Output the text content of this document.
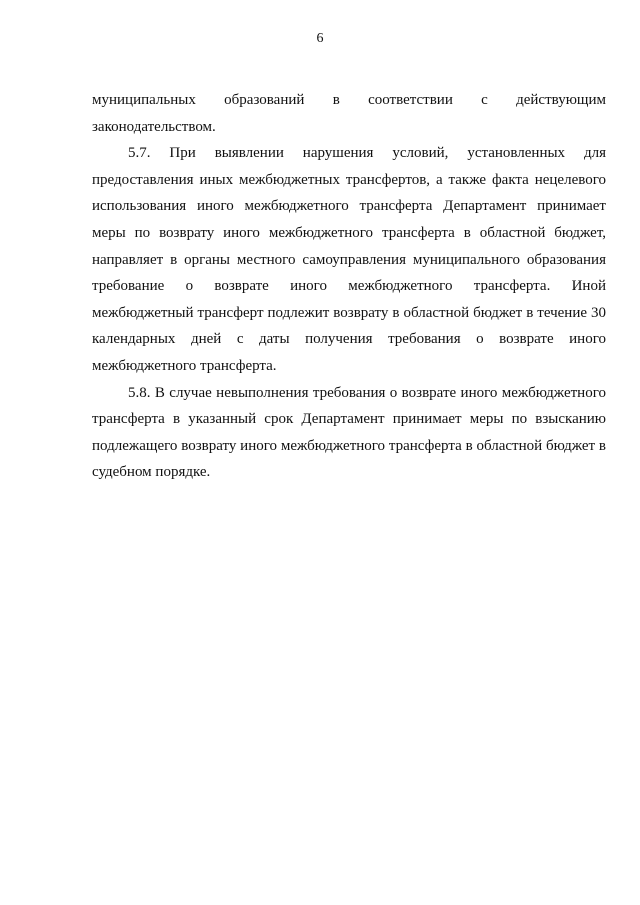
6

муниципальных образований в соответствии с действующим законодательством.

5.7. При выявлении нарушения условий, установленных для предоставления иных межбюджетных трансфертов, а также факта нецелевого использования иного межбюджетного трансферта Департамент принимает меры по возврату иного межбюджетного трансферта в областной бюджет, направляет в органы местного самоуправления муниципального образования требование о возврате иного межбюджетного трансферта. Иной межбюджетный трансферт подлежит возврату в областной бюджет в течение 30 календарных дней с даты получения требования о возврате иного межбюджетного трансферта.

5.8. В случае невыполнения требования о возврате иного межбюджетного трансферта в указанный срок Департамент принимает меры по взысканию подлежащего возврату иного межбюджетного трансферта в областной бюджет в судебном порядке.
